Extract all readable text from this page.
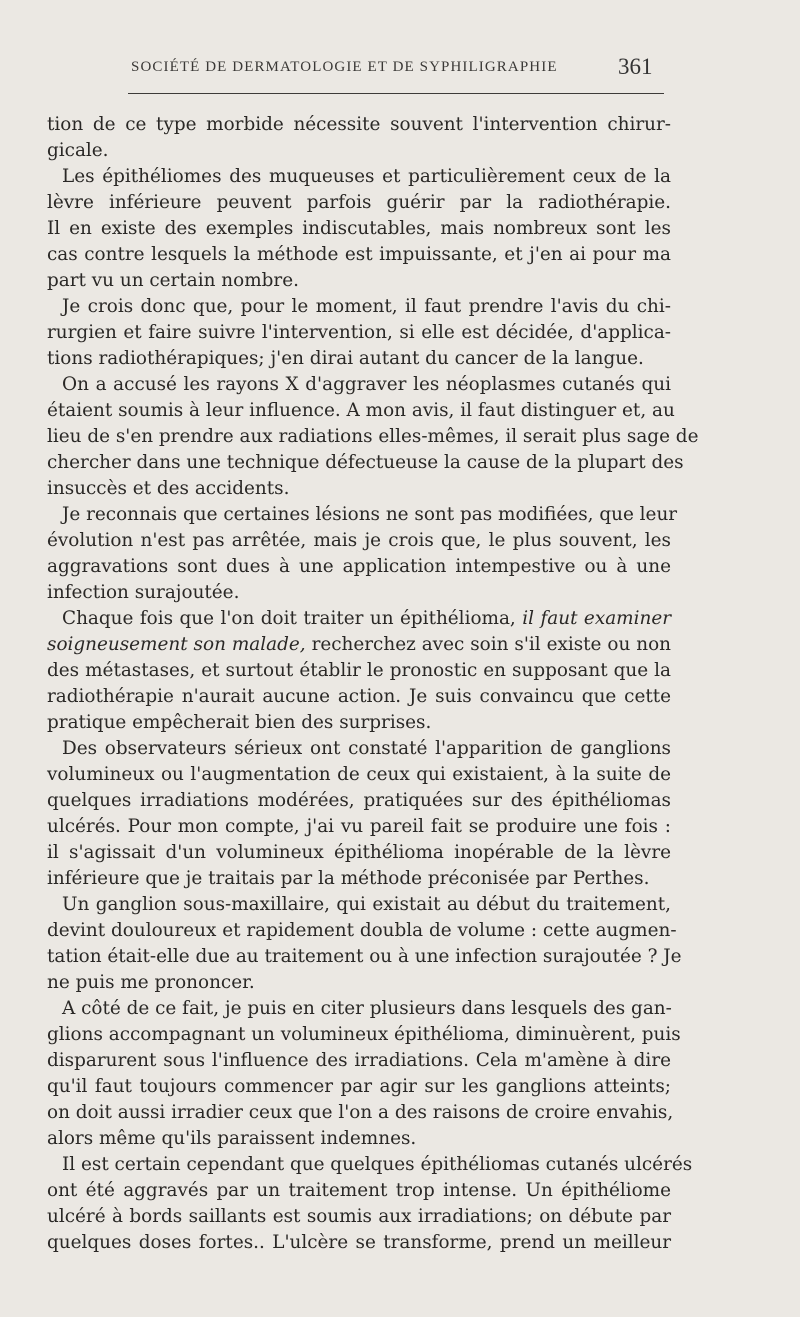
SOCIÉTÉ DE DERMATOLOGIE ET DE SYPHILIGRAPHIE	361
tion de ce type morbide nécessite souvent l'intervention chirur-
gicale.
Les épithéliomes des muqueuses et particulièrement ceux de la
lèvre inférieure peuvent parfois guérir par la radiothérapie.
Il en existe des exemples indiscutables, mais nombreux sont les
cas contre lesquels la méthode est impuissante, et j'en ai pour ma
part vu un certain nombre.
Je crois donc que, pour le moment, il faut prendre l'avis du chi-
rurgien et faire suivre l'intervention, si elle est décidée, d'applica-
tions radiothérapiques; j'en dirai autant du cancer de la langue.
On a accusé les rayons X d'aggraver les néoplasmes cutanés qui
étaient soumis à leur influence. A mon avis, il faut distinguer et, au
lieu de s'en prendre aux radiations elles-mêmes, il serait plus sage de
chercher dans une technique défectueuse la cause de la plupart des
insuccès et des accidents.
Je reconnais que certaines lésions ne sont pas modifiées, que leur
évolution n'est pas arrêtée, mais je crois que, le plus souvent, les
aggravations sont dues à une application intempestive ou à une
infection surajoutée.
Chaque fois que l'on doit traiter un épithélioma, il faut examiner
soigneusement son malade, recherchez avec soin s'il existe ou non
des métastases, et surtout établir le pronostic en supposant que la
radiothérapie n'aurait aucune action. Je suis convaincu que cette
pratique empêcherait bien des surprises.
Des observateurs sérieux ont constaté l'apparition de ganglions
volumineux ou l'augmentation de ceux qui existaient, à la suite de
quelques irradiations modérées, pratiquées sur des épithéliomas
ulcérés. Pour mon compte, j'ai vu pareil fait se produire une fois :
il s'agissait d'un volumineux épithélioma inopérable de la lèvre
inférieure que je traitais par la méthode préconisée par Perthes.
Un ganglion sous-maxillaire, qui existait au début du traitement,
devint douloureux et rapidement doubla de volume : cette augmen-
tation était-elle due au traitement ou à une infection surajoutée ? Je
ne puis me prononcer.
A côté de ce fait, je puis en citer plusieurs dans lesquels des gan-
glions accompagnant un volumineux épithélioma, diminuèrent, puis
disparurent sous l'influence des irradiations. Cela m'amène à dire
qu'il faut toujours commencer par agir sur les ganglions atteints;
on doit aussi irradier ceux que l'on a des raisons de croire envahis,
alors même qu'ils paraissent indemnes.
Il est certain cependant que quelques épithéliomas cutanés ulcérés
ont été aggravés par un traitement trop intense. Un épithéliome
ulcéré à bords saillants est soumis aux irradiations; on débute par
quelques doses fortes.. L'ulcère se transforme, prend un meilleur
